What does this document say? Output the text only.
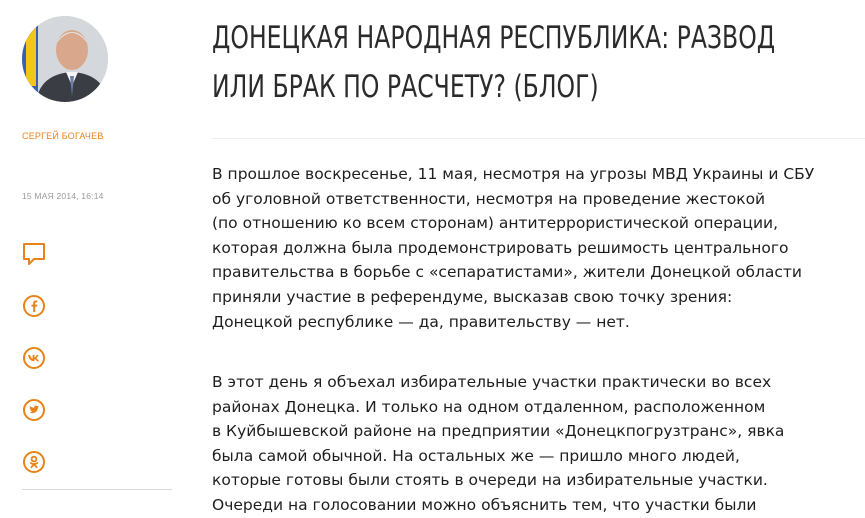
СЕРГЕЙ БОГАЧЕВ
15 МАЯ 2014, 16:14
ДОНЕЦКАЯ НАРОДНАЯ РЕСПУБЛИКА: РАЗВОД
ИЛИ БРАК ПО РАСЧЕТУ? (БЛОГ)

В прошлое воскресенье, 11 мая, несмотря на угрозы МВД Украины и СБУ
об уголовной ответственности, несмотря на проведение жестокой
(по отношению ко всем сторонам) антитеррористической операции,
которая должна была продемонстрировать решимость центрального
правительства в борьбе с «сепаратистами», жители Донецкой области
приняли участие в референдуме, высказав свою точку зрения:
Донецкой республике — да, правительству — нет.

В этот день я объехал избирательные участки практически во всех
районах Донецка. И только на одном отдаленном, расположенном
в Куйбышевской районе на предприятии «Донецкпогрузтранс», явка
была самой обычной. На остальных же — пришло много людей,
которые готовы были стоять в очереди на избирательные участки.
Очереди на голосовании можно объяснить тем, что участки были
